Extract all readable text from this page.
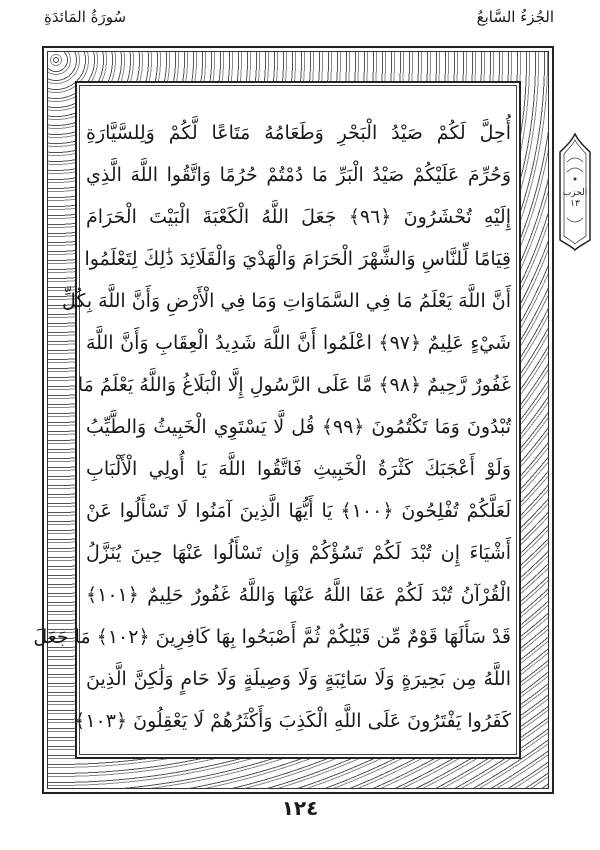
الجُزءُ السَّابعُ
سُورَةُ المَائدَةِ
الحزب
١٣
أُحِلَّ لَكُمْ صَيْدُ الْبَحْرِ وَطَعَامُهُ مَتَاعًا لَّكُمْ وَلِلسَّيَّارَةِ
وَحُرِّمَ عَلَيْكُمْ صَيْدُ الْبَرِّ مَا دُمْتُمْ حُرُمًا وَاتَّقُوا اللَّهَ الَّذِي
إِلَيْهِ تُحْشَرُونَ ﴿٩٦﴾ جَعَلَ اللَّهُ الْكَعْبَةَ الْبَيْتَ الْحَرَامَ
قِيَامًا لِّلنَّاسِ وَالشَّهْرَ الْحَرَامَ وَالْهَدْيَ وَالْقَلَائِدَ ذَٰلِكَ لِتَعْلَمُوا
أَنَّ اللَّهَ يَعْلَمُ مَا فِي السَّمَاوَاتِ وَمَا فِي الْأَرْضِ وَأَنَّ اللَّهَ بِكُلِّ
شَيْءٍ عَلِيمٌ ﴿٩٧﴾ اعْلَمُوا أَنَّ اللَّهَ شَدِيدُ الْعِقَابِ وَأَنَّ اللَّهَ
غَفُورٌ رَّحِيمٌ ﴿٩٨﴾ مَّا عَلَى الرَّسُولِ إِلَّا الْبَلَاغُ وَاللَّهُ يَعْلَمُ مَا
تُبْدُونَ وَمَا تَكْتُمُونَ ﴿٩٩﴾ قُل لَّا يَسْتَوِي الْخَبِيثُ وَالطَّيِّبُ
وَلَوْ أَعْجَبَكَ كَثْرَةُ الْخَبِيثِ فَاتَّقُوا اللَّهَ يَا أُولِي الْأَلْبَابِ
لَعَلَّكُمْ تُفْلِحُونَ ﴿١٠٠﴾ يَا أَيُّهَا الَّذِينَ آمَنُوا لَا تَسْأَلُوا عَنْ
أَشْيَاءَ إِن تُبْدَ لَكُمْ تَسُؤْكُمْ وَإِن تَسْأَلُوا عَنْهَا حِينَ يُنَزَّلُ
الْقُرْآنُ تُبْدَ لَكُمْ عَفَا اللَّهُ عَنْهَا وَاللَّهُ غَفُورٌ حَلِيمٌ ﴿١٠١﴾
قَدْ سَأَلَهَا قَوْمٌ مِّن قَبْلِكُمْ ثُمَّ أَصْبَحُوا بِهَا كَافِرِينَ ﴿١٠٢﴾ مَا جَعَلَ
اللَّهُ مِن بَحِيرَةٍ وَلَا سَائِبَةٍ وَلَا وَصِيلَةٍ وَلَا حَامٍ وَلَٰكِنَّ الَّذِينَ
كَفَرُوا يَفْتَرُونَ عَلَى اللَّهِ الْكَذِبَ وَأَكْثَرُهُمْ لَا يَعْقِلُونَ ﴿١٠٣﴾
١٢٤
